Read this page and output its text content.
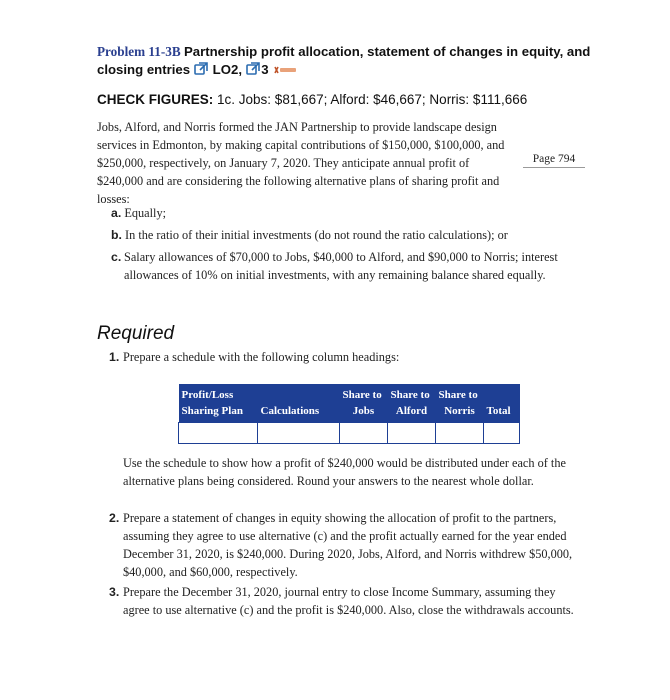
Problem 11-3B Partnership profit allocation, statement of changes in equity, and
closing entries LO2, 3
CHECK FIGURES: 1c. Jobs: $81,667; Alford: $46,667; Norris: $111,666
Jobs, Alford, and Norris formed the JAN Partnership to provide landscape design services in Edmonton, by making capital contributions of $150,000, $100,000, and $250,000, respectively, on January 7, 2020. They anticipate annual profit of $240,000 and are considering the following alternative plans of sharing profit and losses:
Page 794
a. Equally;
b. In the ratio of their initial investments (do not round the ratio calculations); or
c. Salary allowances of $70,000 to Jobs, $40,000 to Alford, and $90,000 to Norris; interest allowances of 10% on initial investments, with any remaining balance shared equally.
Required
1. Prepare a schedule with the following column headings:
Profit/Loss		Share to	Share to	Share to	
Sharing Plan	Calculations	Jobs	Alford	Norris	Total

Use the schedule to show how a profit of $240,000 would be distributed under each of the alternative plans being considered. Round your answers to the nearest whole dollar.
2. Prepare a statement of changes in equity showing the allocation of profit to the partners, assuming they agree to use alternative (c) and the profit actually earned for the year ended December 31, 2020, is $240,000. During 2020, Jobs, Alford, and Norris withdrew $50,000, $40,000, and $60,000, respectively.
3. Prepare the December 31, 2020, journal entry to close Income Summary, assuming they agree to use alternative (c) and the profit is $240,000. Also, close the withdrawals accounts.
